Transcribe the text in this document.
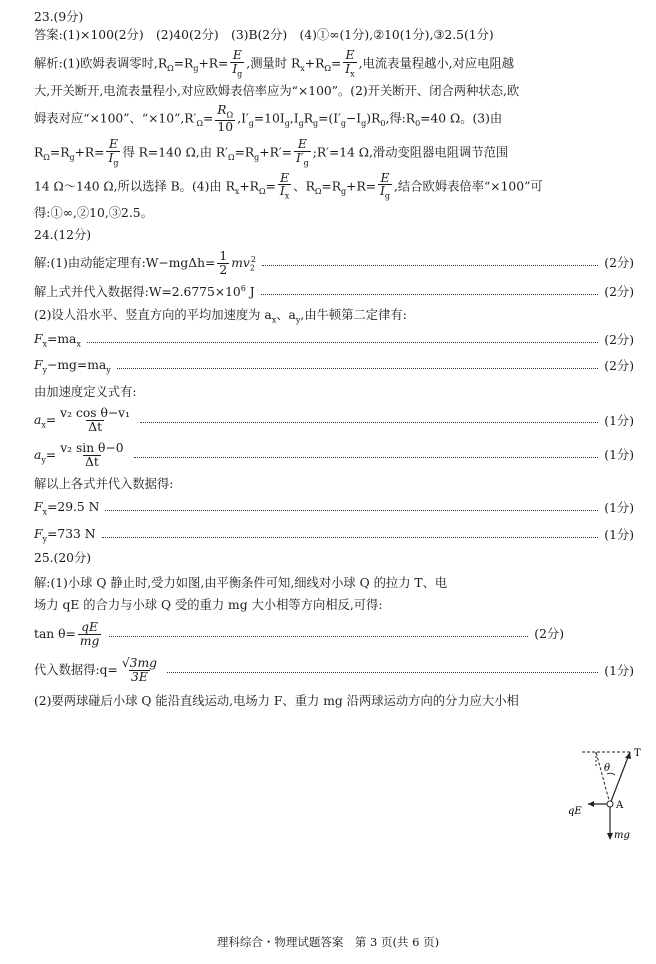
23.(9分)
答案:(1)×100(2分)　(2)40(2分)　(3)B(2分)　(4)①∞(1分),②10(1分),③2.5(1分)
解析:(1)欧姆表调零时$,R_\Omega=R_g+R= \frac{E}{I_g}$ ,测量时 $R_x+R_\Omega= \frac{E}{I_x}$ ,电流表量程越小,对应电阻越
大,开关断开,电流表量程小,对应欧姆表倍率应为“×100”。(2)开关断开、闭合两种状态,欧
姆表对应“×100”、“$\times 10”,R'_\Omega= \frac{R_\Omega}{10} ,I'_g=10I_g,I_gR_g=(I'_g-I_g)R_0$,得$:R_0=40$ Ω。(3)由
$R_\Omega=R_g+R= \frac{E}{I_g}$ 得 R=140 Ω,由 $R'_\Omega=R_g+R'= \frac{E}{I'_g}$ ;R′=14 Ω,滑动变阻器电阻调节范围
14 Ω～140 Ω,所以选择 B。(4)由 $R_x+R_\Omega= \frac{E}{I_x}$ 、$R_\Omega=R_g+R= \frac{E}{I_g}$ ,结合欧姆表倍率“×100”可
得:①∞,②10,③2.5。
24.(12分)
解:(1)由动能定理有:W−mgΔh= $\frac{1}{2} mv_2^2$	(2分)
解上式并代入数据得$:W=2.6775\times 10^6$ J	(2分)
(2)设人沿水平、竖直方向的平均加速度为 $a_x$、$a_y$,由牛顿第二定律有:
$F_x=ma_x$	(2分)
$F_y-mg=ma_y$	(2分)
由加速度定义式有:
$a_x= \frac{\text{v₂ cos θ−v₁}}{\Delta t}$	(1分)
$a_y= \frac{\text{v₂ sin θ−0}}{\Delta t}$	(1分)
解以上各式并代入数据得:
$F_x=29.5$ N	(1分)
$F_y=733$ N	(1分)
25.(20分)
解:(1)小球 Q 静止时,受力如图,由平衡条件可知,细线对小球 Q 的拉力 T、电
场力 qE 的合力与小球 Q 受的重力 mg 大小相等方向相反,可得:
$\tan \theta= \frac{qE}{mg}$	(2分)
代入数据得:q= $\frac{√3mg}{3E}$	(1分)
(2)要两球碰后小球 Q 能沿直线运动,电场力 F、重力 mg 沿两球运动方向的分力应大小相
T
θ
A
qE
mg
理科综合・物理试题答案　第 3 页(共 6 页)
